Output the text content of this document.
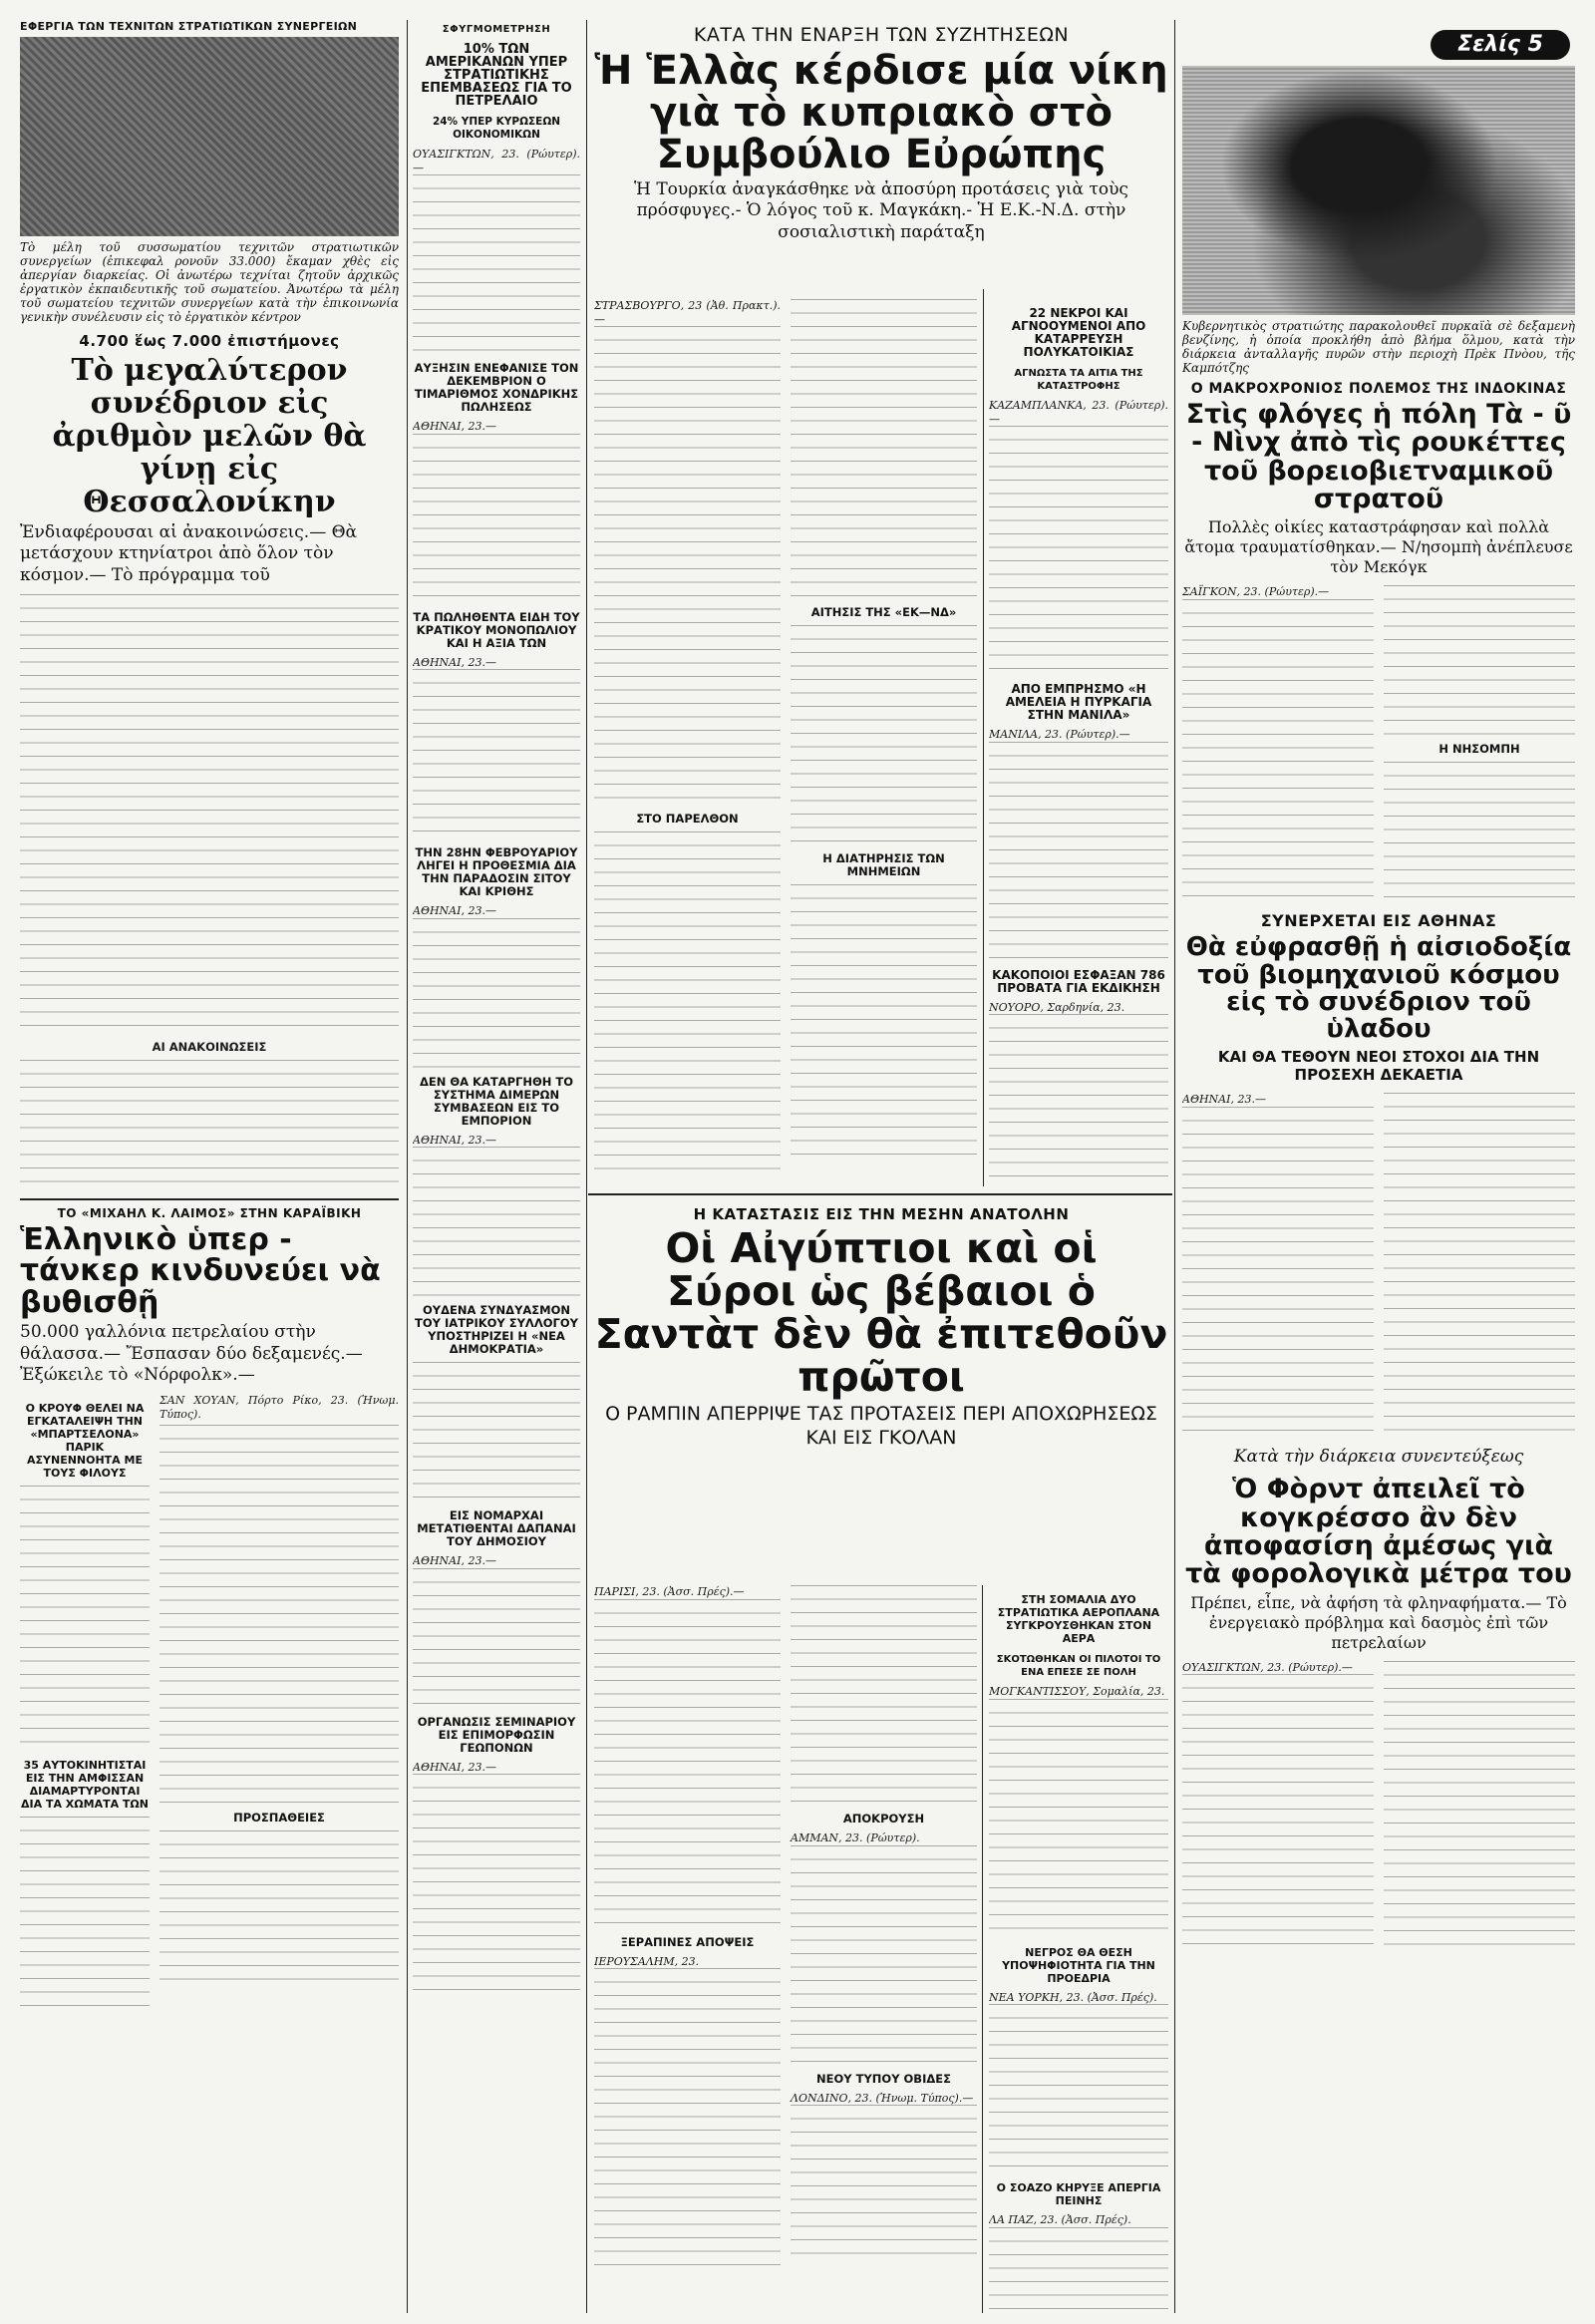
Σελίς 5
ΕΦΕΡΓΙΑ ΤΩΝ ΤΕΧΝΙΤΩΝ ΣΤΡΑΤΙΩΤΙΚΩΝ ΣΥΝΕΡΓΕΙΩΝ
Τὸ μέλη τοῦ συσσωματίου τεχνιτῶν στρατιωτικῶν συνεργείων (ἐπικεφαλ ρονοῦν 33.000) ἔκαμαν χθὲς εἰς ἀπεργίαν διαρκείας. Οἱ ἀνωτέρω τεχνίται ζητοῦν ἀρχικῶς ἐργατικὸν ἐκπαιδευτικῆς τοῦ σωματείου. Ἀνωτέρω τὰ μέλη τοῦ σωματείου τεχνιτῶν συνεργείων κατὰ τὴν ἐπικοινωνία γενικὴν συνέλευσιν εἰς τὸ ἐργατικὸν κέντρον
4.700 ἕως 7.000 ἐπιστήμονες
Τὸ μεγαλύτερον συνέδριον εἰς ἀριθμὸν μελῶν θὰ γίνῃ εἰς Θεσσαλονίκην
Ἐνδιαφέρουσαι αἱ ἀνακοινώσεις.— Θὰ μετάσχουν κτηνίατροι ἀπὸ ὅλον τὸν κόσμον.— Τὸ πρόγραμμα τοῦ
ΑΙ ΑΝΑΚΟΙΝΩΣΕΙΣ
ΤΟ «ΜΙΧΑΗΛ Κ. ΛΑΙΜΟΣ» ΣΤΗΝ ΚΑΡΑΪΒΙΚΗ
Ἑλληνικὸ ὑπερ - τάνκερ κινδυνεύει νὰ βυθισθῇ
50.000 γαλλόνια πετρελαίου στὴν θάλασσα.— Ἔσπασαν δύο δεξαμενές.— Ἐξώκειλε τὸ «Νόρφολκ».—
Ο ΚΡΟΥΦ ΘΕΛΕΙ ΝΑ ΕΓΚΑΤΑΛΕΙΨΗ ΤΗΝ «ΜΠΑΡΤΣΕΛΟΝΑ» ΠΑΡΙΚ ΑΣΥΝΕΝΝΟΗΤΑ ΜΕ ΤΟΥΣ ΦΙΛΟΥΣ
35 ΑΥΤΟΚΙΝΗΤΙΣΤΑΙ ΕΙΣ ΤΗΝ ΑΜΦΙΣΣΑΝ ΔΙΑΜΑΡΤΥΡΟΝΤΑΙ ΔΙΑ ΤΑ ΧΩΜΑΤΑ ΤΩΝ
ΣΑΝ ΧΟΥΑΝ, Πόρτο Ρίκο, 23. (Ἡνωμ. Τύπος).
ΠΡΟΣΠΑΘΕΙΕΣ
ΣΦΥΓΜΟΜΕΤΡΗΣΗ
10% ΤΩΝ ΑΜΕΡΙΚΑΝΩΝ ΥΠΕΡ ΣΤΡΑΤΙΩΤΙΚΗΣ ΕΠΕΜΒΑΣΕΩΣ ΓΙΑ ΤΟ ΠΕΤΡΕΛΑΙΟ
24% ΥΠΕΡ ΚΥΡΩΣΕΩΝ ΟΙΚΟΝΟΜΙΚΩΝ
ΟΥΑΣΙΓΚΤΩΝ, 23. (Ρώυτερ).—
ΑΥΞΗΣΙΝ ΕΝΕΦΑΝΙΣΕ ΤΟΝ ΔΕΚΕΜΒΡΙΟΝ Ο ΤΙΜΑΡΙΘΜΟΣ ΧΟΝΔΡΙΚΗΣ ΠΩΛΗΣΕΩΣ
ΑΘΗΝΑΙ, 23.—
ΤΑ ΠΩΛΗΘΕΝΤΑ ΕΙΔΗ ΤΟΥ ΚΡΑΤΙΚΟΥ ΜΟΝΟΠΩΛΙΟΥ ΚΑΙ Η ΑΞΙΑ ΤΩΝ
ΑΘΗΝΑΙ, 23.—
ΤΗΝ 28ΗΝ ΦΕΒΡΟΥΑΡΙΟΥ ΛΗΓΕΙ Η ΠΡΟΘΕΣΜΙΑ ΔΙΑ ΤΗΝ ΠΑΡΑΔΟΣΙΝ ΣΙΤΟΥ ΚΑΙ ΚΡΙΘΗΣ
ΑΘΗΝΑΙ, 23.—
ΔΕΝ ΘΑ ΚΑΤΑΡΓΗΘΗ ΤΟ ΣΥΣΤΗΜΑ ΔΙΜΕΡΩΝ ΣΥΜΒΑΣΕΩΝ ΕΙΣ ΤΟ ΕΜΠΟΡΙΟΝ
ΑΘΗΝΑΙ, 23.—
ΟΥΔΕΝΑ ΣΥΝΔΥΑΣΜΟΝ ΤΟΥ ΙΑΤΡΙΚΟΥ ΣΥΛΛΟΓΟΥ ΥΠΟΣΤΗΡΙΖΕΙ Η «ΝΕΑ ΔΗΜΟΚΡΑΤΙΑ»
ΕΙΣ ΝΟΜΑΡΧΑΙ ΜΕΤΑΤΙΘΕΝΤΑΙ ΔΑΠΑΝΑΙ ΤΟΥ ΔΗΜΟΣΙΟΥ
ΑΘΗΝΑΙ, 23.—
ΟΡΓΑΝΩΣΙΣ ΣΕΜΙΝΑΡΙΟΥ ΕΙΣ ΕΠΙΜΟΡΦΩΣΙΝ ΓΕΩΠΟΝΩΝ
ΑΘΗΝΑΙ, 23.—
ΚΑΤΑ ΤΗΝ ΕΝΑΡΞΗ ΤΩΝ ΣΥΖΗΤΗΣΕΩΝ
Ἡ Ἑλλὰς κέρδισε μία νίκη γιὰ τὸ κυπριακὸ στὸ Συμβούλιο Εὐρώπης
Ἡ Τουρκία ἀναγκάσθηκε νὰ ἀποσύρη προτάσεις γιὰ τοὺς πρόσφυγες.- Ὁ λόγος τοῦ κ. Μαγκάκη.- Ἡ Ε.Κ.-Ν.Δ. στὴν σοσιαλιστικὴ παράταξη
ΣΤΡΑΣΒΟΥΡΓΟ, 23 (Ἀθ. Πρακτ.).—
ΣΤΟ ΠΑΡΕΛΘΟΝ
ΑΙΤΗΣΙΣ ΤΗΣ «ΕΚ—ΝΔ»
Η ΔΙΑΤΗΡΗΣΙΣ ΤΩΝ ΜΝΗΜΕΙΩΝ
22 ΝΕΚΡΟΙ ΚΑΙ ΑΓΝΟΟΥΜΕΝΟΙ ΑΠΟ ΚΑΤΑΡΡΕΥΣΗ ΠΟΛΥΚΑΤΟΙΚΙΑΣ
ΑΓΝΩΣΤΑ ΤΑ ΑΙΤΙΑ ΤΗΣ ΚΑΤΑΣΤΡΟΦΗΣ
ΚΑΖΑΜΠΛΑΝΚΑ, 23. (Ρώυτερ).—
ΑΠΟ ΕΜΠΡΗΣΜΟ «Η ΑΜΕΛΕΙΑ Η ΠΥΡΚΑΓΙΑ ΣΤΗΝ ΜΑΝΙΛΑ»
ΜΑΝΙΛΑ, 23. (Ρώυτερ).—
ΚΑΚΟΠΟΙΟΙ ΕΣΦΑΞΑΝ 786 ΠΡΟΒΑΤΑ ΓΙΑ ΕΚΔΙΚΗΣΗ
ΝΟΥΟΡΟ, Σαρδηνία, 23.
Η ΚΑΤΑΣΤΑΣΙΣ ΕΙΣ ΤΗΝ ΜΕΣΗΝ ΑΝΑΤΟΛΗΝ
Οἱ Αἰγύπτιοι καὶ οἱ Σύροι ὡς βέβαιοι ὁ Σαντὰτ δὲν θὰ ἐπιτεθοῦν πρῶτοι
Ο ΡΑΜΠΙΝ ΑΠΕΡΡΙΨΕ ΤΑΣ ΠΡΟΤΑΣΕΙΣ ΠΕΡΙ ΑΠΟΧΩΡΗΣΕΩΣ ΚΑΙ ΕΙΣ ΓΚΟΛΑΝ
ΠΑΡΙΣΙ, 23. (Ἀσσ. Πρές).—
ΞΕΡΑΠΙΝΕΣ ΑΠΟΨΕΙΣ
ΙΕΡΟΥΣΑΛΗΜ, 23.
ΑΠΟΚΡΟΥΣΗ
ΑΜΜΑΝ, 23. (Ρώυτερ).
ΝΕΟΥ ΤΥΠΟΥ ΟΒΙΔΕΣ
ΛΟΝΔΙΝΟ, 23. (Ἡνωμ. Τύπος).—
ΣΤΗ ΣΟΜΑΛΙΑ ΔΥΟ ΣΤΡΑΤΙΩΤΙΚΑ ΑΕΡΟΠΛΑΝΑ ΣΥΓΚΡΟΥΣΘΗΚΑΝ ΣΤΟΝ ΑΕΡΑ
ΣΚΟΤΩΘΗΚΑΝ ΟΙ ΠΙΛΟΤΟΙ ΤΟ ΕΝΑ ΕΠΕΣΕ ΣΕ ΠΟΛΗ
ΜΟΓΚΑΝΤΙΣΣΟΥ, Σομαλία, 23.
ΝΕΓΡΟΣ ΘΑ ΘΕΣΗ ΥΠΟΨΗΦΙΟΤΗΤΑ ΓΙΑ ΤΗΝ ΠΡΟΕΔΡΙΑ
ΝΕΑ ΥΟΡΚΗ, 23. (Ἀσσ. Πρές).
Ο ΣΟΑΖΟ ΚΗΡΥΞΕ ΑΠΕΡΓΙΑ ΠΕΙΝΗΣ
ΛΑ ΠΑΖ, 23. (Ἀσσ. Πρές).
Κυβερνητικὸς στρατιώτης παρακολουθεῖ πυρκαϊὰ σὲ δεξαμενὴ βενζίνης, ἡ ὁποία προκλήθη ἀπὸ βλήμα ὅλμου, κατὰ τὴν διάρκεια ἀνταλλαγῆς πυρῶν στὴν περιοχὴ Πρὲκ Πνὸου, τῆς Καμπότζης
Ο ΜΑΚΡΟΧΡΟΝΙΟΣ ΠΟΛΕΜΟΣ ΤΗΣ ΙΝΔΟΚΙΝΑΣ
Στὶς φλόγες ἡ πόλη Τὰ - ῦ - Νὶνχ ἀπὸ τὶς ρουκέττες τοῦ βορειοβιετναμικοῦ στρατοῦ
Πολλὲς οἰκίες καταστράφησαν καὶ πολλὰ ἄτομα τραυματίσθηκαν.— Ν/ησομπὴ ἀνέπλευσε τὸν Μεκόγκ
ΣΑΪΓΚΟΝ, 23. (Ρώυτερ).—
Η ΝΗΣΟΜΠΗ
ΣΥΝΕΡΧΕΤΑΙ ΕΙΣ ΑΘΗΝΑΣ
Θὰ εὐφρασθῇ ἡ αἰσιοδοξία τοῦ βιομηχανιοῦ κόσμου εἰς τὸ συνέδριον τοῦ ὑλαδου
ΚΑΙ ΘΑ ΤΕΘΟΥΝ ΝΕΟΙ ΣΤΟΧΟΙ ΔΙΑ ΤΗΝ ΠΡΟΣΕΧΗ ΔΕΚΑΕΤΙΑ
ΑΘΗΝΑΙ, 23.—
Κατὰ τὴν διάρκεια συνεντεύξεως
Ὁ Φὸρντ ἀπειλεῖ τὸ κογκρέσσο ἂν δὲν ἀποφασίση ἀμέσως γιὰ τὰ φορολογικὰ μέτρα του
Πρέπει, εἶπε, νὰ ἀφήση τὰ φληναφήματα.— Τὸ ἐνεργειακὸ πρόβλημα καὶ δασμὸς ἐπὶ τῶν πετρελαίων
ΟΥΑΣΙΓΚΤΩΝ, 23. (Ρώυτερ).—
